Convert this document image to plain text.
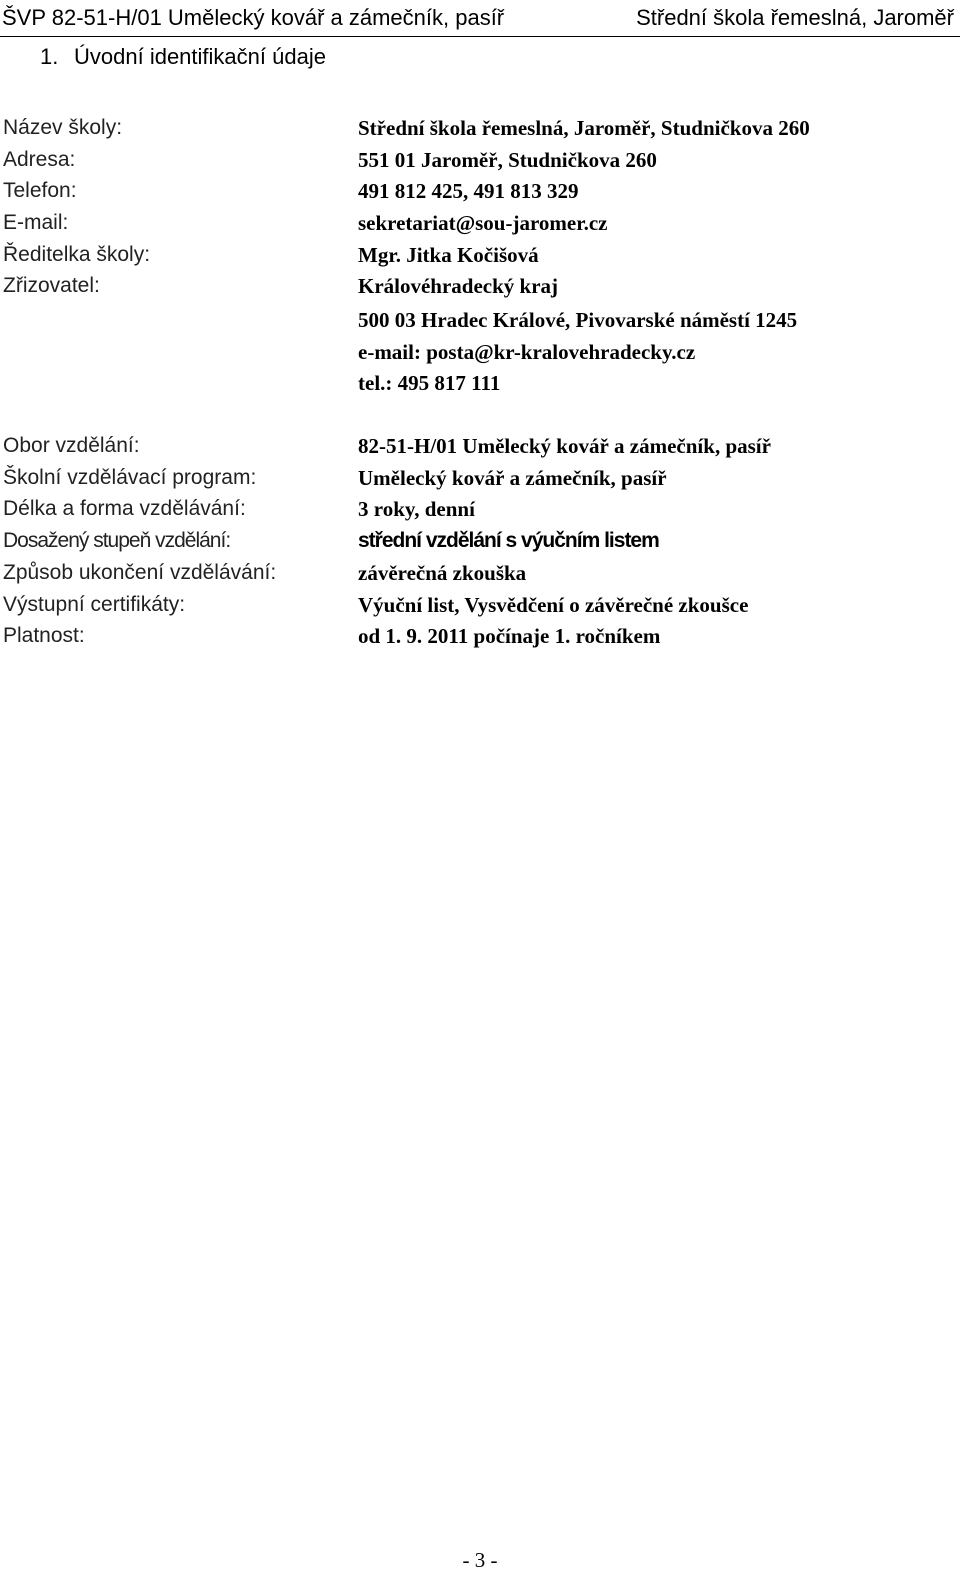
ŠVP 82-51-H/01 Umělecký kovář a zámečník, pasíř	Střední škola řemeslná, Jaroměř
1. Úvodní identifikační údaje
Název školy:	Střední škola řemeslná, Jaroměř, Studničkova 260
Adresa:	551 01 Jaroměř, Studničkova 260
Telefon:	491 812 425, 491 813 329
E-mail:	sekretariat@sou-jaromer.cz
Ředitelka školy:	Mgr. Jitka Kočišová
Zřizovatel:	Královéhradecký kraj
500 03 Hradec Králové, Pivovarské náměstí 1245
e-mail: posta@kr-kralovehradecky.cz
tel.: 495 817 111
Obor vzdělání:	82-51-H/01 Umělecký kovář a zámečník, pasíř
Školní vzdělávací program:	Umělecký kovář a zámečník, pasíř
Délka a forma vzdělávání:	3 roky, denní
Dosažený stupeň vzdělání:	střední vzdělání s výučním listem
Způsob ukončení vzdělávání:	závěrečná zkouška
Výstupní certifikáty:	Výuční list, Vysvědčení o závěrečné zkoušce
Platnost:	od 1. 9. 2011 počínaje 1. ročníkem
- 3 -
